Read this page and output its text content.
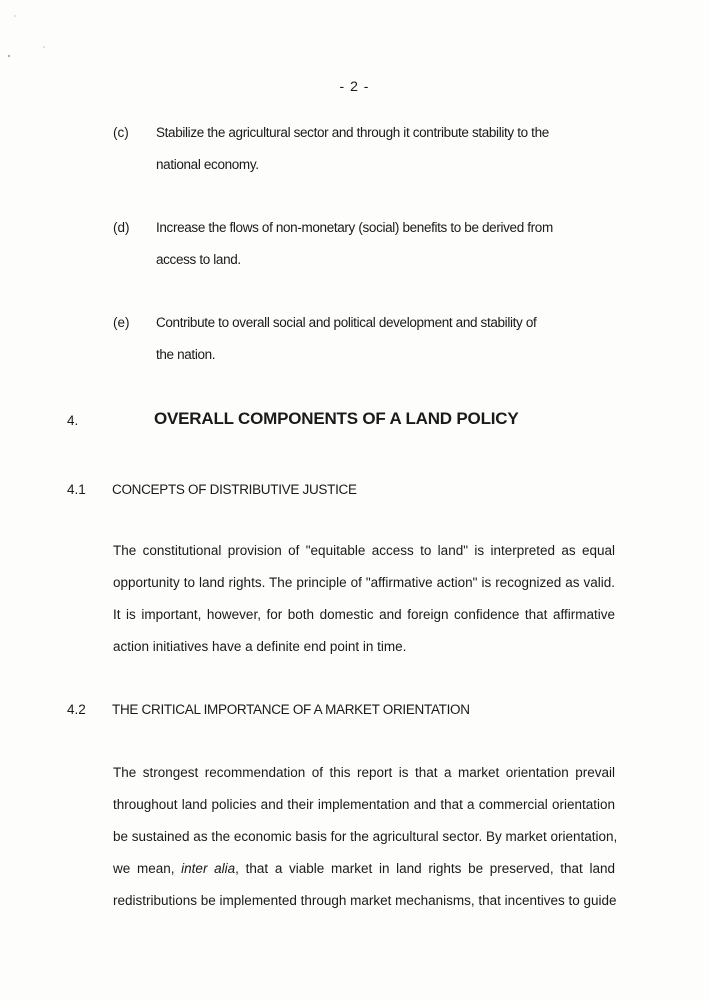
- 2 -
(c) Stabilize the agricultural sector and through it contribute stability to the
national economy.
(d) Increase the flows of non-monetary (social) benefits to be derived from
access to land.
(e) Contribute to overall social and political development and stability of
the nation.
4.	OVERALL COMPONENTS OF A LAND POLICY
4.1 CONCEPTS OF DISTRIBUTIVE JUSTICE
The constitutional provision of "equitable access to land" is interpreted as equal
opportunity to land rights. The principle of "affirmative action" is recognized as valid.
It is important, however, for both domestic and foreign confidence that affirmative
action initiatives have a definite end point in time.
4.2 THE CRITICAL IMPORTANCE OF A MARKET ORIENTATION
The strongest recommendation of this report is that a market orientation prevail
throughout land policies and their implementation and that a commercial orientation
be sustained as the economic basis for the agricultural sector. By market orientation,
we mean, inter alia, that a viable market in land rights be preserved, that land
redistributions be implemented through market mechanisms, that incentives to guide
